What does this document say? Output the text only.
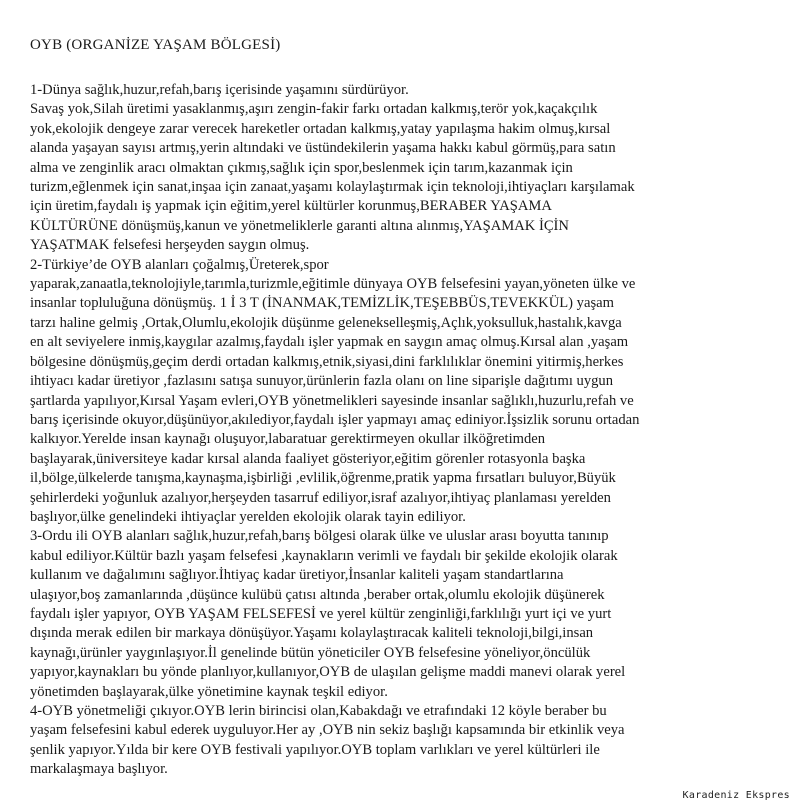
OYB (ORGANİZE YAŞAM BÖLGESİ)
1-Dünya sağlık,huzur,refah,barış içerisinde yaşamını sürdürüyor.
Savaş yok,Silah üretimi yasaklanmış,aşırı zengin-fakir farkı ortadan kalkmış,terör yok,kaçakçılık
yok,ekolojik dengeye zarar verecek hareketler ortadan kalkmış,yatay yapılaşma hakim olmuş,kırsal
alanda yaşayan sayısı artmış,yerin altındaki ve üstündekilerin yaşama hakkı kabul görmüş,para satın
alma ve zenginlik aracı olmaktan çıkmış,sağlık için spor,beslenmek için tarım,kazanmak için
turizm,eğlenmek için sanat,inşaa için zanaat,yaşamı kolaylaştırmak için teknoloji,ihtiyaçları karşılamak
için üretim,faydalı iş yapmak için eğitim,yerel kültürler korunmuş,BERABER YAŞAMA
KÜLTÜRÜNE dönüşmüş,kanun ve yönetmeliklerle garanti altına alınmış,YAŞAMAK İÇİN
YAŞATMAK felsefesi herşeyden saygın olmuş.
2-Türkiye’de OYB alanları çoğalmış,Üreterek,spor
yaparak,zanaatla,teknolojiyle,tarımla,turizmle,eğitimle dünyaya OYB felsefesini yayan,yöneten ülke ve
insanlar topluluğuna dönüşmüş. 1 İ 3 T (İNANMAK,TEMİZLİK,TEŞEBBÜS,TEVEKKÜL) yaşam
tarzı haline gelmiş ,Ortak,Olumlu,ekolojik düşünme gelenekselleşmiş,Açlık,yoksulluk,hastalık,kavga
en alt seviyelere inmiş,kaygılar azalmış,faydalı işler yapmak en saygın amaç olmuş.Kırsal alan ,yaşam
bölgesine dönüşmüş,geçim derdi ortadan kalkmış,etnik,siyasi,dini farklılıklar önemini yitirmiş,herkes
ihtiyacı kadar üretiyor ,fazlasını satışa sunuyor,ürünlerin fazla olanı on line siparişle dağıtımı uygun
şartlarda yapılıyor,Kırsal Yaşam evleri,OYB yönetmelikleri sayesinde insanlar sağlıklı,huzurlu,refah ve
barış içerisinde okuyor,düşünüyor,akılediyor,faydalı işler yapmayı amaç ediniyor.İşsizlik sorunu ortadan
kalkıyor.Yerelde insan kaynağı oluşuyor,labaratuar gerektirmeyen okullar ilköğretimden
başlayarak,üniversiteye kadar kırsal alanda faaliyet gösteriyor,eğitim görenler rotasyonla başka
il,bölge,ülkelerde tanışma,kaynaşma,işbirliği ,evlilik,öğrenme,pratik yapma fırsatları buluyor,Büyük
şehirlerdeki yoğunluk azalıyor,herşeyden tasarruf ediliyor,israf azalıyor,ihtiyaç planlaması yerelden
başlıyor,ülke genelindeki ihtiyaçlar yerelden ekolojik olarak tayin ediliyor.
3-Ordu ili OYB alanları sağlık,huzur,refah,barış bölgesi olarak ülke ve uluslar arası boyutta tanınıp
kabul ediliyor.Kültür bazlı yaşam felsefesi ,kaynakların verimli ve faydalı bir şekilde ekolojik olarak
kullanım ve dağalımını sağlıyor.İhtiyaç kadar üretiyor,İnsanlar kaliteli yaşam standartlarına
ulaşıyor,boş zamanlarında ,düşünce kulübü çatısı altında ,beraber ortak,olumlu ekolojik düşünerek
faydalı işler yapıyor, OYB YAŞAM FELSEFESİ ve yerel kültür zenginliği,farklılığı yurt içi ve yurt
dışında merak edilen bir markaya dönüşüyor.Yaşamı kolaylaştıracak kaliteli teknoloji,bilgi,insan
kaynağı,ürünler yaygınlaşıyor.İl genelinde bütün yöneticiler OYB felsefesine yöneliyor,öncülük
yapıyor,kaynakları bu yönde planlıyor,kullanıyor,OYB de ulaşılan gelişme maddi manevi olarak yerel
yönetimden başlayarak,ülke yönetimine kaynak teşkil ediyor.
4-OYB yönetmeliği çıkıyor.OYB lerin birincisi olan,Kabakdağı ve etrafındaki 12 köyle beraber bu
yaşam felsefesini kabul ederek uyguluyor.Her ay ,OYB nin sekiz başlığı kapsamında bir etkinlik veya
şenlik yapıyor.Yılda bir kere OYB festivali yapılıyor.OYB toplam varlıkları ve yerel kültürleri ile
markalaşmaya başlıyor.
Karadeniz Ekspres
